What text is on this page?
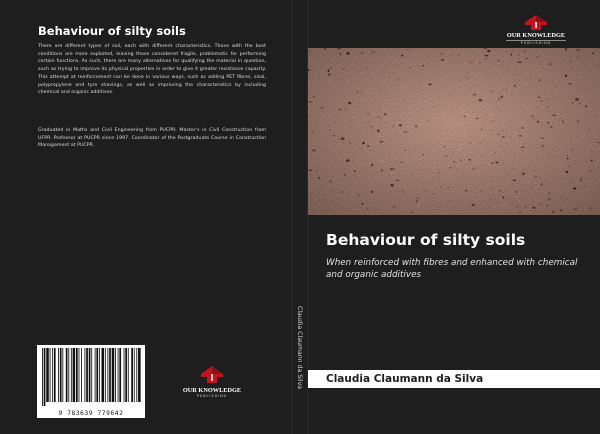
Behaviour of silty soils

There are different types of soil, each with different characteristics. Those with the best conditions are more exploited, leaving those considered fragile, problematic for performing certain functions. As such, there are many alternatives for qualifying the material in question, such as trying to improve its physical properties in order to give it greater resistance capacity. This attempt at reinforcement can be done in various ways, such as adding PET fibres, sisal, polypropylene and tyre shavings, as well as improving the characteristics by including chemical and organic additives.

Graduated in Maths and Civil Engineering from PUCPR. Master's in Civil Construction from UFPR. Professor at PUCPR since 1997. Coordinator of the Postgraduate Course in Construction Management at PUCPR.

9 783639 779642
OUR KNOWLEDGE
PUBLISHING
Claudia Claumann da Silva
OUR KNOWLEDGE
PUBLISHING
Behaviour of silty soils

When reinforced with fibres and enhanced with chemical and organic additives

Claudia Claumann da Silva
